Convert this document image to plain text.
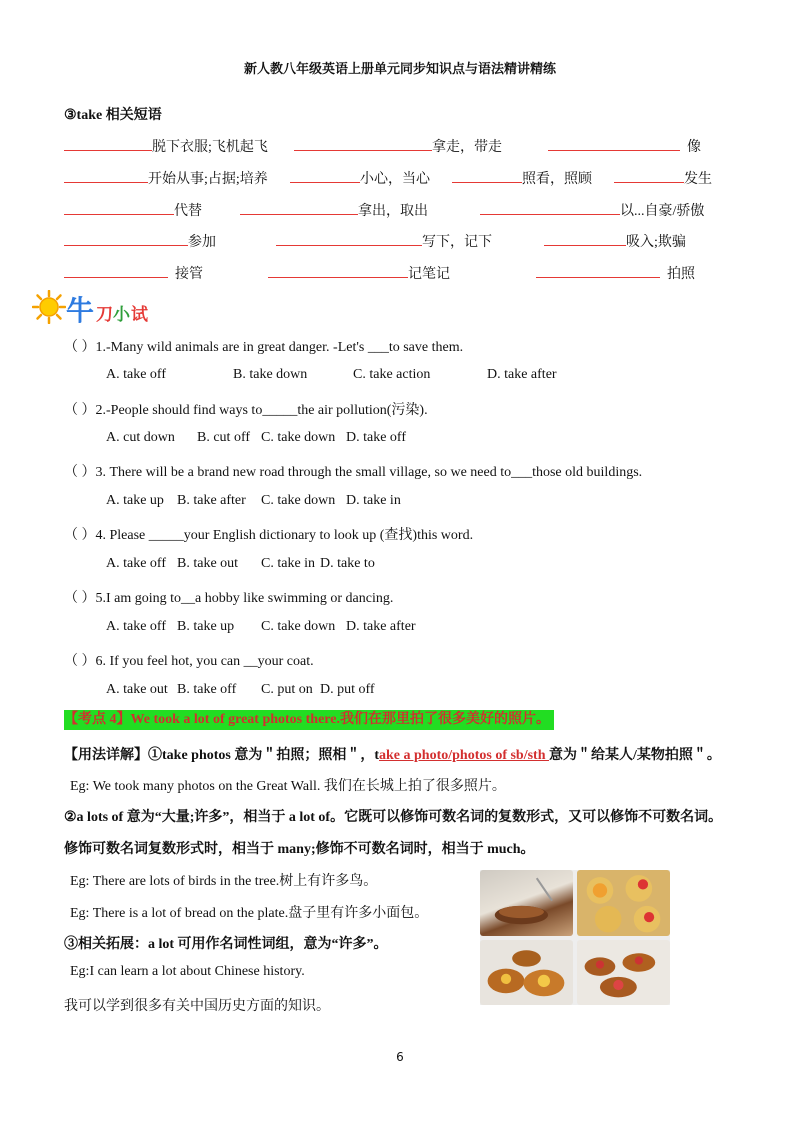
新人教八年级英语上册单元同步知识点与语法精讲精练
③take 相关短语
脱下衣服;飞机起飞	拿走，带走	像
开始从事;占据;培养	小心，当心	照看，照顾	发生
代替	拿出，取出	以...自豪/骄傲
参加	写下，记下	吸入;欺骗
接管	记笔记	拍照
牛 刀 小 试
（ ）1.-Many wild animals are in great danger. -Let's ___to save them.
A. take off	B. take down	C. take action	D. take after
（ ）2.-People should find ways to_____the air pollution(污染).
A. cut down B. cut off C. take down D. take off
（ ）3. There will be a brand new road through the small village, so we need to___those old buildings.
A. take up B. take after C. take down D. take in
（ ）4. Please _____your English dictionary to look up (查找)this word.
A. take off B. take out C. take in D. take to
（ ）5.I am going to__a hobby like swimming or dancing.
A. take off B. take up C. take down D. take after
（ ）6. If you feel hot, you can __your coat.
A. take out B. take off C. put on D. put off
【考点 4】We took a lot of great photos there.我们在那里拍了很多美好的照片。
【用法详解】①take photos 意为＂拍照；照相＂，take a photo/photos of sb/sth 意为＂给某人/某物拍照＂。
Eg: We took many photos on the Great Wall. 我们在长城上拍了很多照片。
②a lots of 意为“大量;许多”，相当于 a lot of。它既可以修饰可数名词的复数形式，又可以修饰不可数名词。
修饰可数名词复数形式时，相当于 many;修饰不可数名词时，相当于 much。
Eg: There are lots of birds in the tree.树上有许多鸟。
Eg: There is a lot of bread on the plate.盘子里有许多小面包。
③相关拓展：a lot 可用作名词性词组，意为“许多”。
Eg:I can learn a lot about Chinese history.
我可以学到很多有关中国历史方面的知识。
6
